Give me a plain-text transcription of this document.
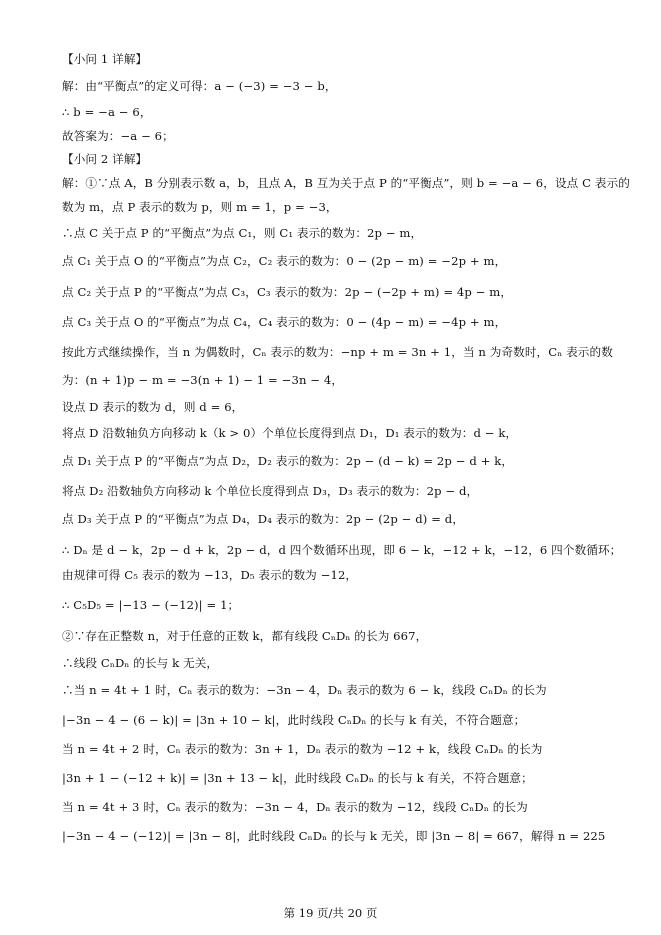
【小问 1 详解】
解：由“平衡点”的定义可得：a − (−3) = −3 − b，
∴ b = −a − 6，
故答案为：−a − 6；
【小问 2 详解】
解：①∵点 A，B 分别表示数 a，b，且点 A，B 互为关于点 P 的“平衡点”，则 b = −a − 6，设点 C 表示的
数为 m，点 P 表示的数为 p，则 m = 1，p = −3，
∴点 C 关于点 P 的“平衡点”为点 C₁，则 C₁ 表示的数为：2p − m，
点 C₁ 关于点 O 的“平衡点”为点 C₂，C₂ 表示的数为：0 − (2p − m) = −2p + m，
点 C₂ 关于点 P 的“平衡点”为点 C₃，C₃ 表示的数为：2p − (−2p + m) = 4p − m，
点 C₃ 关于点 O 的“平衡点”为点 C₄，C₄ 表示的数为：0 − (4p − m) = −4p + m，
按此方式继续操作，当 n 为偶数时，Cₙ 表示的数为：−np + m = 3n + 1，当 n 为奇数时，Cₙ 表示的数
为：(n + 1)p − m = −3(n + 1) − 1 = −3n − 4，
设点 D 表示的数为 d，则 d = 6，
将点 D 沿数轴负方向移动 k（k > 0）个单位长度得到点 D₁，D₁ 表示的数为：d − k，
点 D₁ 关于点 P 的“平衡点”为点 D₂，D₂ 表示的数为：2p − (d − k) = 2p − d + k，
将点 D₂ 沿数轴负方向移动 k 个单位长度得到点 D₃，D₃ 表示的数为：2p − d，
点 D₃ 关于点 P 的“平衡点”为点 D₄，D₄ 表示的数为：2p − (2p − d) = d，
∴ Dₙ 是 d − k，2p − d + k，2p − d，d 四个数循环出现，即 6 − k，−12 + k，−12，6 四个数循环；
由规律可得 C₅ 表示的数为 −13，D₅ 表示的数为 −12，
∴ C₅D₅ = |−13 − (−12)| = 1；
②∵存在正整数 n，对于任意的正数 k，都有线段 CₙDₙ 的长为 667，
∴线段 CₙDₙ 的长与 k 无关，
∴当 n = 4t + 1 时，Cₙ 表示的数为：−3n − 4，Dₙ 表示的数为 6 − k，线段 CₙDₙ 的长为
|−3n − 4 − (6 − k)| = |3n + 10 − k|，此时线段 CₙDₙ 的长与 k 有关，不符合题意；
当 n = 4t + 2 时，Cₙ 表示的数为：3n + 1，Dₙ 表示的数为 −12 + k，线段 CₙDₙ 的长为
|3n + 1 − (−12 + k)| = |3n + 13 − k|，此时线段 CₙDₙ 的长与 k 有关，不符合题意；
当 n = 4t + 3 时，Cₙ 表示的数为：−3n − 4，Dₙ 表示的数为 −12，线段 CₙDₙ 的长为
|−3n − 4 − (−12)| = |3n − 8|，此时线段 CₙDₙ 的长与 k 无关，即 |3n − 8| = 667，解得 n = 225
第 19 页/共 20 页
